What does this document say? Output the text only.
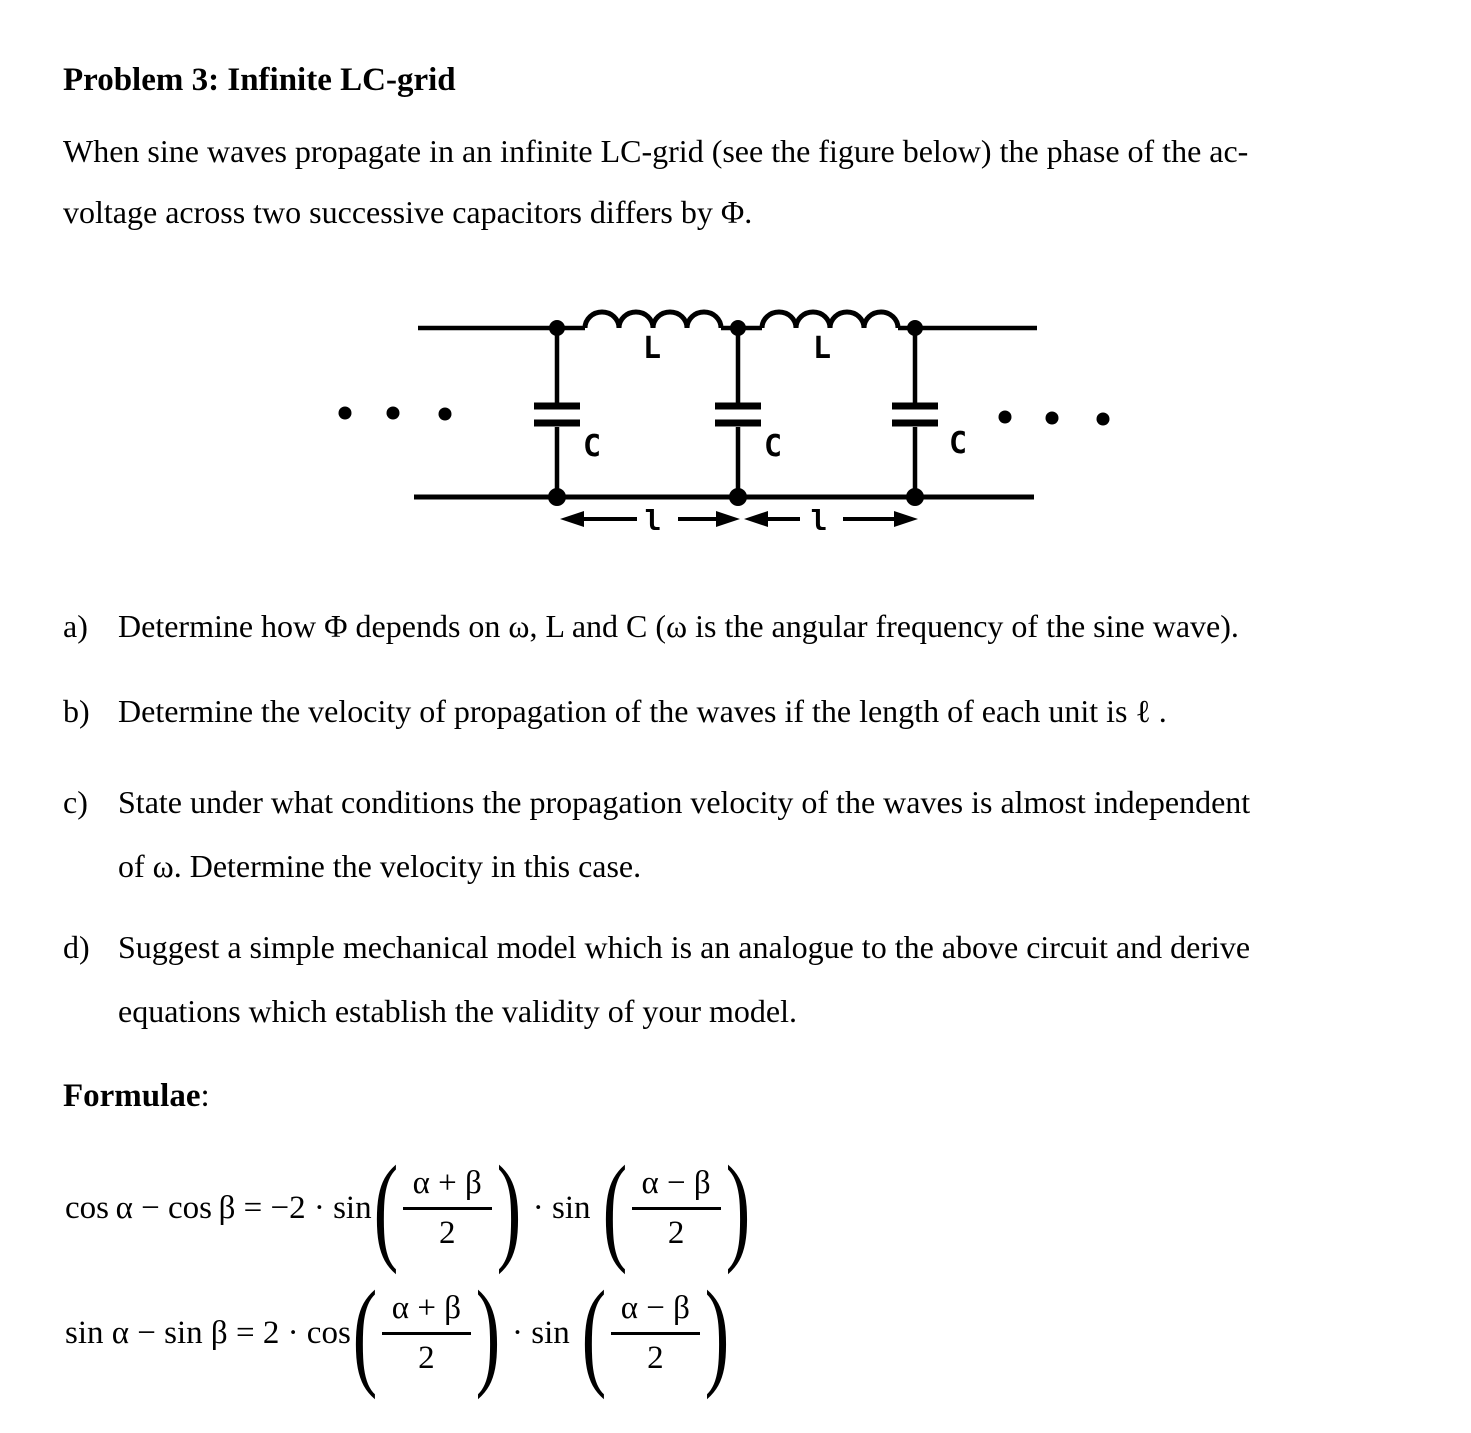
Problem 3: Infinite LC-grid

When sine waves propagate in an infinite LC-grid (see the figure below) the phase of the ac-

voltage across two successive capacitors differs by Φ.

L	L
C	C	C
l	l
a) Determine how Φ depends on ω, L and C (ω is the angular frequency of the sine wave).
b) Determine the velocity of propagation of the waves if the length of each unit is ℓ .
c) State under what conditions the propagation velocity of the waves is almost independent

of ω. Determine the velocity in this case.

d) Suggest a simple mechanical model which is an analogue to the above circuit and derive

equations which establish the validity of your model.

Formulae:

cos α − cos β = −2 · sin ( $\frac{\alpha + \beta}{2}$ ) · sin ( $\frac{\alpha - \beta}{2}$ )
sin α − sin β = 2 · cos ( $\frac{\alpha + \beta}{2}$ ) · sin ( $\frac{\alpha - \beta}{2}$ )
